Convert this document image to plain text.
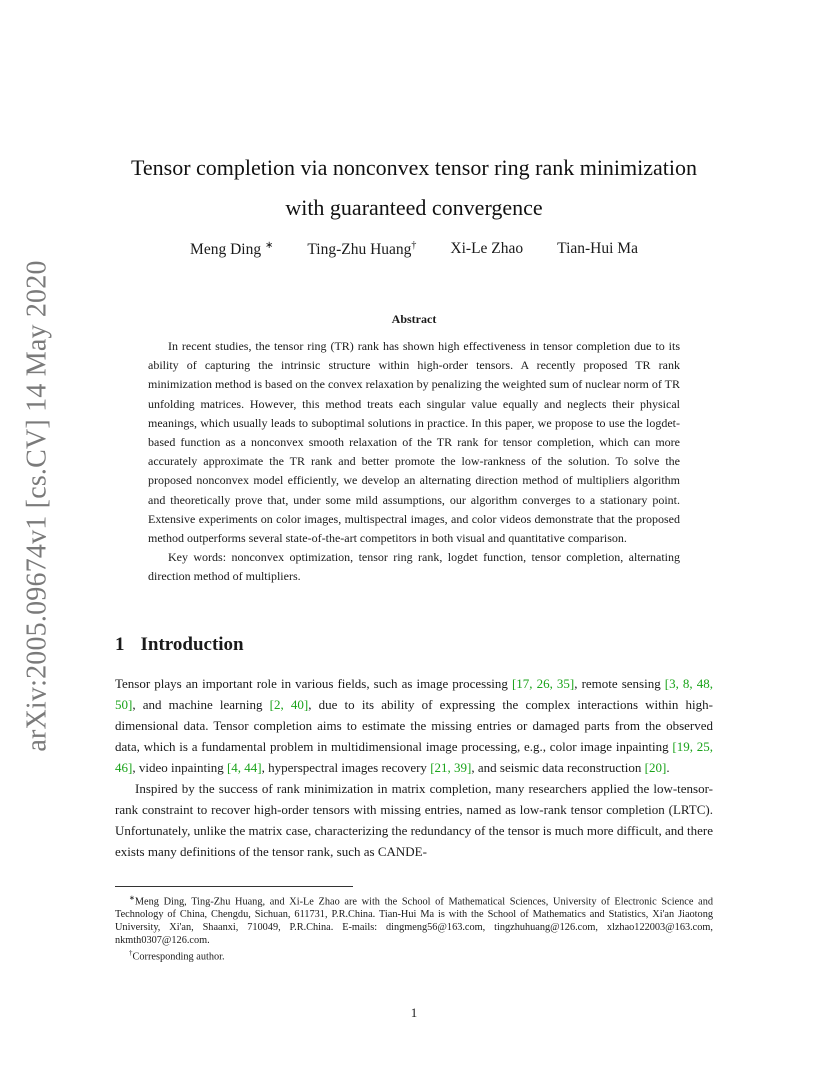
arXiv:2005.09674v1 [cs.CV] 14 May 2020
Tensor completion via nonconvex tensor ring rank minimization
with guaranteed convergence
Meng Ding ∗ Ting-Zhu Huang† Xi-Le Zhao Tian-Hui Ma
Abstract

In recent studies, the tensor ring (TR) rank has shown high effectiveness in tensor completion due to its ability of capturing the intrinsic structure within high-order tensors. A recently proposed TR rank minimization method is based on the convex relaxation by penalizing the weighted sum of nuclear norm of TR unfolding matrices. However, this method treats each singular value equally and neglects their physical meanings, which usually leads to suboptimal solutions in practice. In this paper, we propose to use the logdet-based function as a nonconvex smooth relaxation of the TR rank for tensor completion, which can more accurately approximate the TR rank and better promote the low-rankness of the solution. To solve the proposed nonconvex model efficiently, we develop an alternating direction method of multipliers algorithm and theoretically prove that, under some mild assumptions, our algorithm converges to a stationary point. Extensive experiments on color images, multispectral images, and color videos demonstrate that the proposed method outperforms several state-of-the-art competitors in both visual and quantitative comparison.

Key words: nonconvex optimization, tensor ring rank, logdet function, tensor completion, alternating direction method of multipliers.

1 Introduction

Tensor plays an important role in various fields, such as image processing [17, 26, 35], remote sensing [3, 8, 48, 50], and machine learning [2, 40], due to its ability of expressing the complex interactions within high-dimensional data. Tensor completion aims to estimate the missing entries or damaged parts from the observed data, which is a fundamental problem in multidimensional image processing, e.g., color image inpainting [19, 25, 46], video inpainting [4, 44], hyperspectral images recovery [21, 39], and seismic data reconstruction [20].

Inspired by the success of rank minimization in matrix completion, many researchers applied the low-tensor-rank constraint to recover high-order tensors with missing entries, named as low-rank tensor completion (LRTC). Unfortunately, unlike the matrix case, characterizing the redundancy of the tensor is much more difficult, and there exists many definitions of the tensor rank, such as CANDE-

∗Meng Ding, Ting-Zhu Huang, and Xi-Le Zhao are with the School of Mathematical Sciences, University of Electronic Science and Technology of China, Chengdu, Sichuan, 611731, P.R.China. Tian-Hui Ma is with the School of Mathematics and Statistics, Xi'an Jiaotong University, Xi'an, Shaanxi, 710049, P.R.China. E-mails: dingmeng56@163.com, tingzhuhuang@126.com, xlzhao122003@163.com, nkmth0307@126.com.

†Corresponding author.

1
